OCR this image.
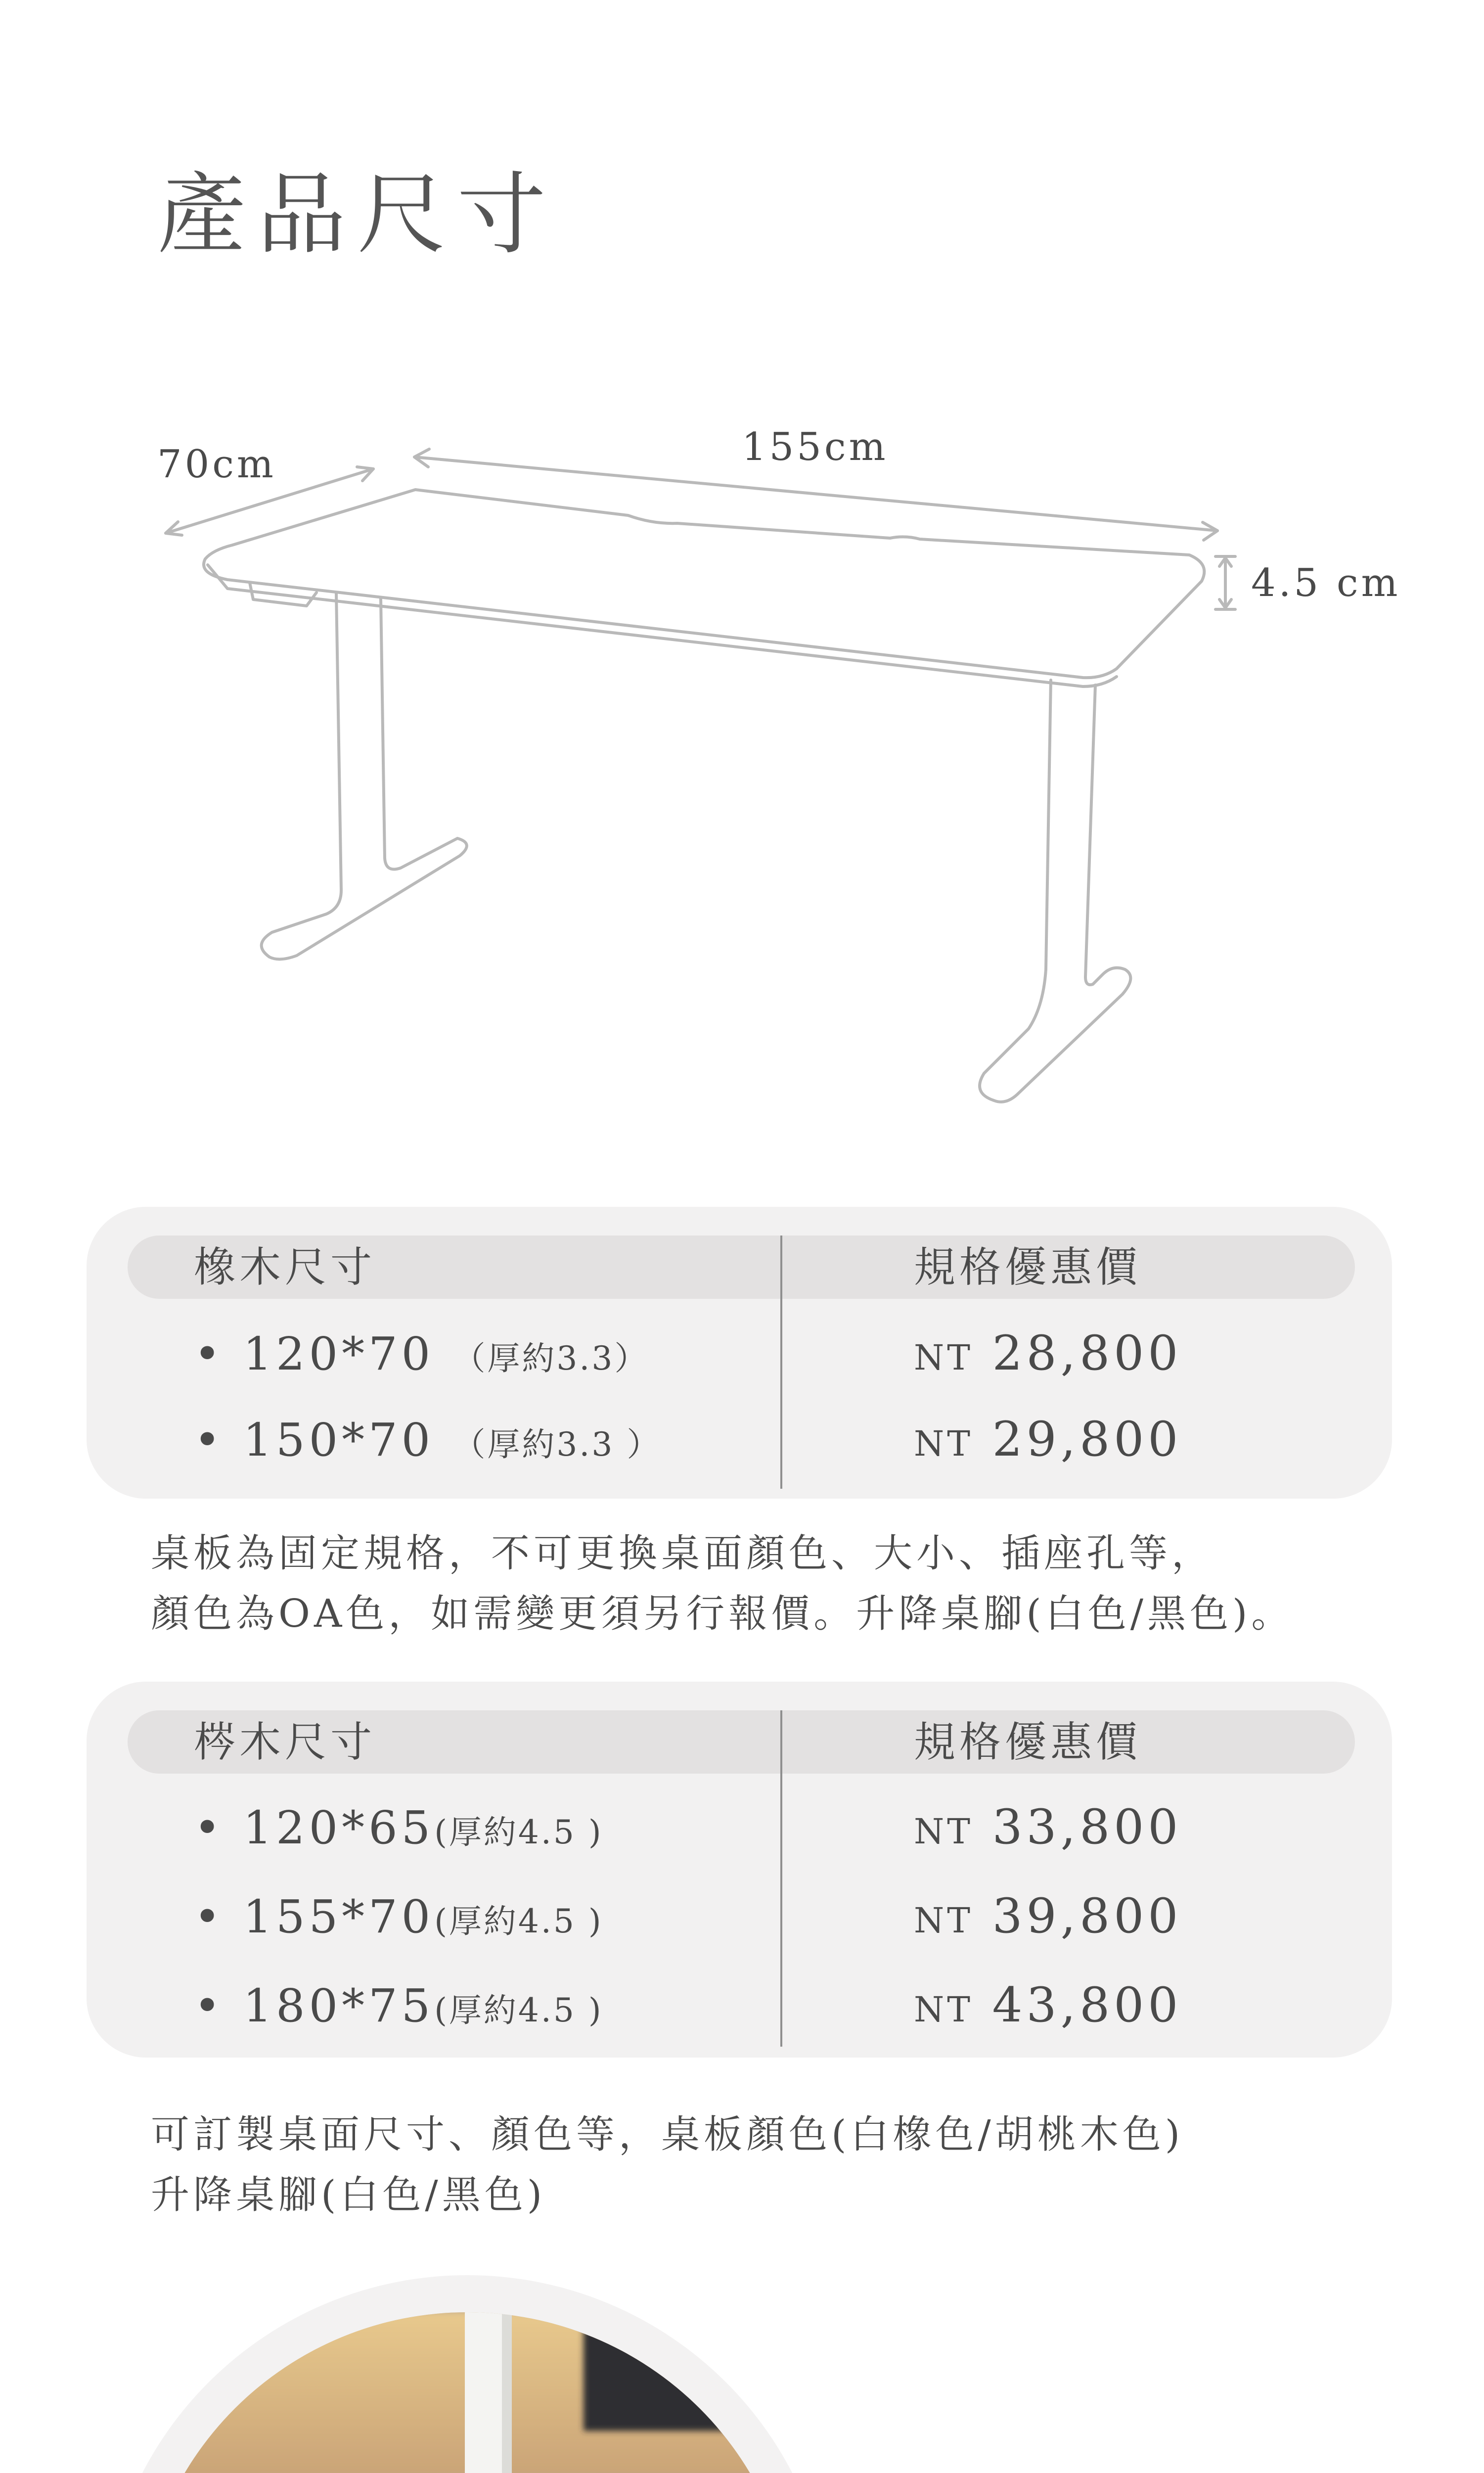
產品尺寸
70cm	155cm
4.5 cm
橡木尺寸	規格優惠價
• 120*70 （厚約3.3）	NT 28,800
• 150*70 （厚約3.3 ）	NT 29,800
桌板為固定規格，不可更換桌面顏色、大小、插座孔等，
顏色為OA色，如需變更須另行報價。升降桌腳(白色/黑色)。
梣木尺寸	規格優惠價
• 120*65(厚約4.5 )	NT 33,800
• 155*70(厚約4.5 )	NT 39,800
• 180*75(厚約4.5 )	NT 43,800
可訂製桌面尺寸、顏色等，桌板顏色(白橡色/胡桃木色)
升降桌腳(白色/黑色)
